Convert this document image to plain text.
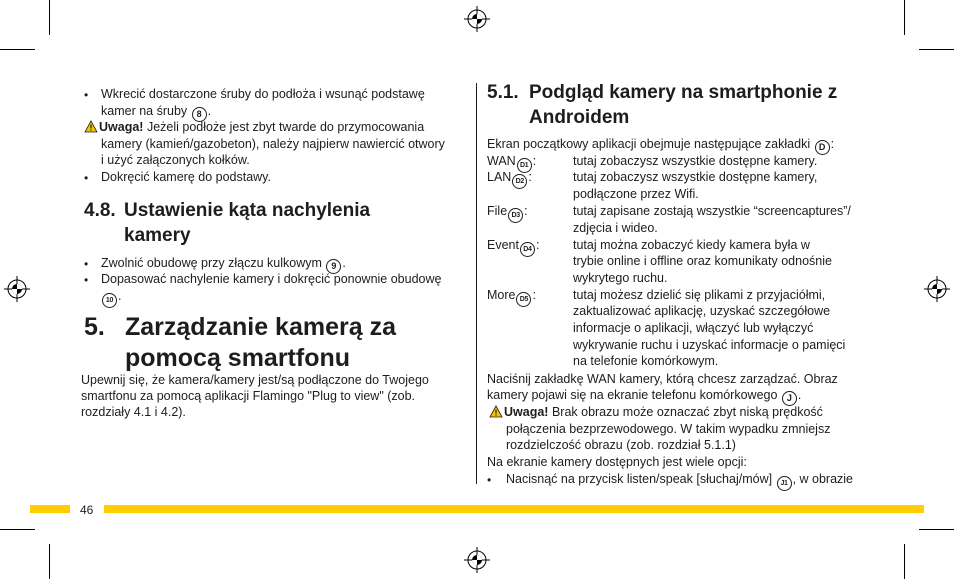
• Wkrecić dostarczone śruby do podłoża i wsunąć podstawę
kamer na śruby 8 .
Uwaga! Jeżeli podłoże jest zbyt twarde do przymocowania
kamery (kamień/gazobeton), należy najpierw nawiercić otwory
i użyć załączonych kołków.
• Dokręcić kamerę do podstawy.
4.8. Ustawienie kąta nachylenia
kamery
• Zwolnić obudowę przy złączu kulkowym 9 .
• Dopasować nachylenie kamery i dokręcić ponownie obudowę
10 .
5. Zarządzanie kamerą za
pomocą smartfonu
Upewnij się, że kamera/kamery jest/są podłączone do Twojego
smartfonu za pomocą aplikacji Flamingo "Plug to view" (zob.
rozdziały 4.1 i 4.2).
5.1. Podgląd kamery na smartphonie z
Androidem
Ekran początkowy aplikacji obejmuje następujące zakładki D :
WAN D1 :	tutaj zobaczysz wszystkie dostępne kamery.
LAN D2 :	tutaj zobaczysz wszystkie dostępne kamery,
podłączone przez Wifi.
File D3 :	tutaj zapisane zostają wszystkie “screencaptures”/
zdjęcia i wideo.
Event D4 :	tutaj można zobaczyć kiedy kamera była w
trybie online i offline oraz komunikaty odnośnie
wykrytego ruchu.
More D5 :	tutaj możesz dzielić się plikami z przyjaciółmi,
zaktualizować aplikację, uzyskać szczegółowe
informacje o aplikacji, włączyć lub wyłączyć
wykrywanie ruchu i uzyskać informacje o pamięci
na telefonie komórkowym.
Naciśnij zakładkę WAN kamery, którą chcesz zarządzać. Obraz
kamery pojawi się na ekranie telefonu komórkowego J .
Uwaga! Brak obrazu może oznaczać zbyt niską prędkość
połączenia bezprzewodowego. W takim wypadku zmniejsz
rozdzielczość obrazu (zob. rozdział 5.1.1)
Na ekranie kamery dostępnych jest wiele opcji:
• Nacisnąć na przycisk listen/speak [słuchaj/mów] J1 , w obrazie
46
